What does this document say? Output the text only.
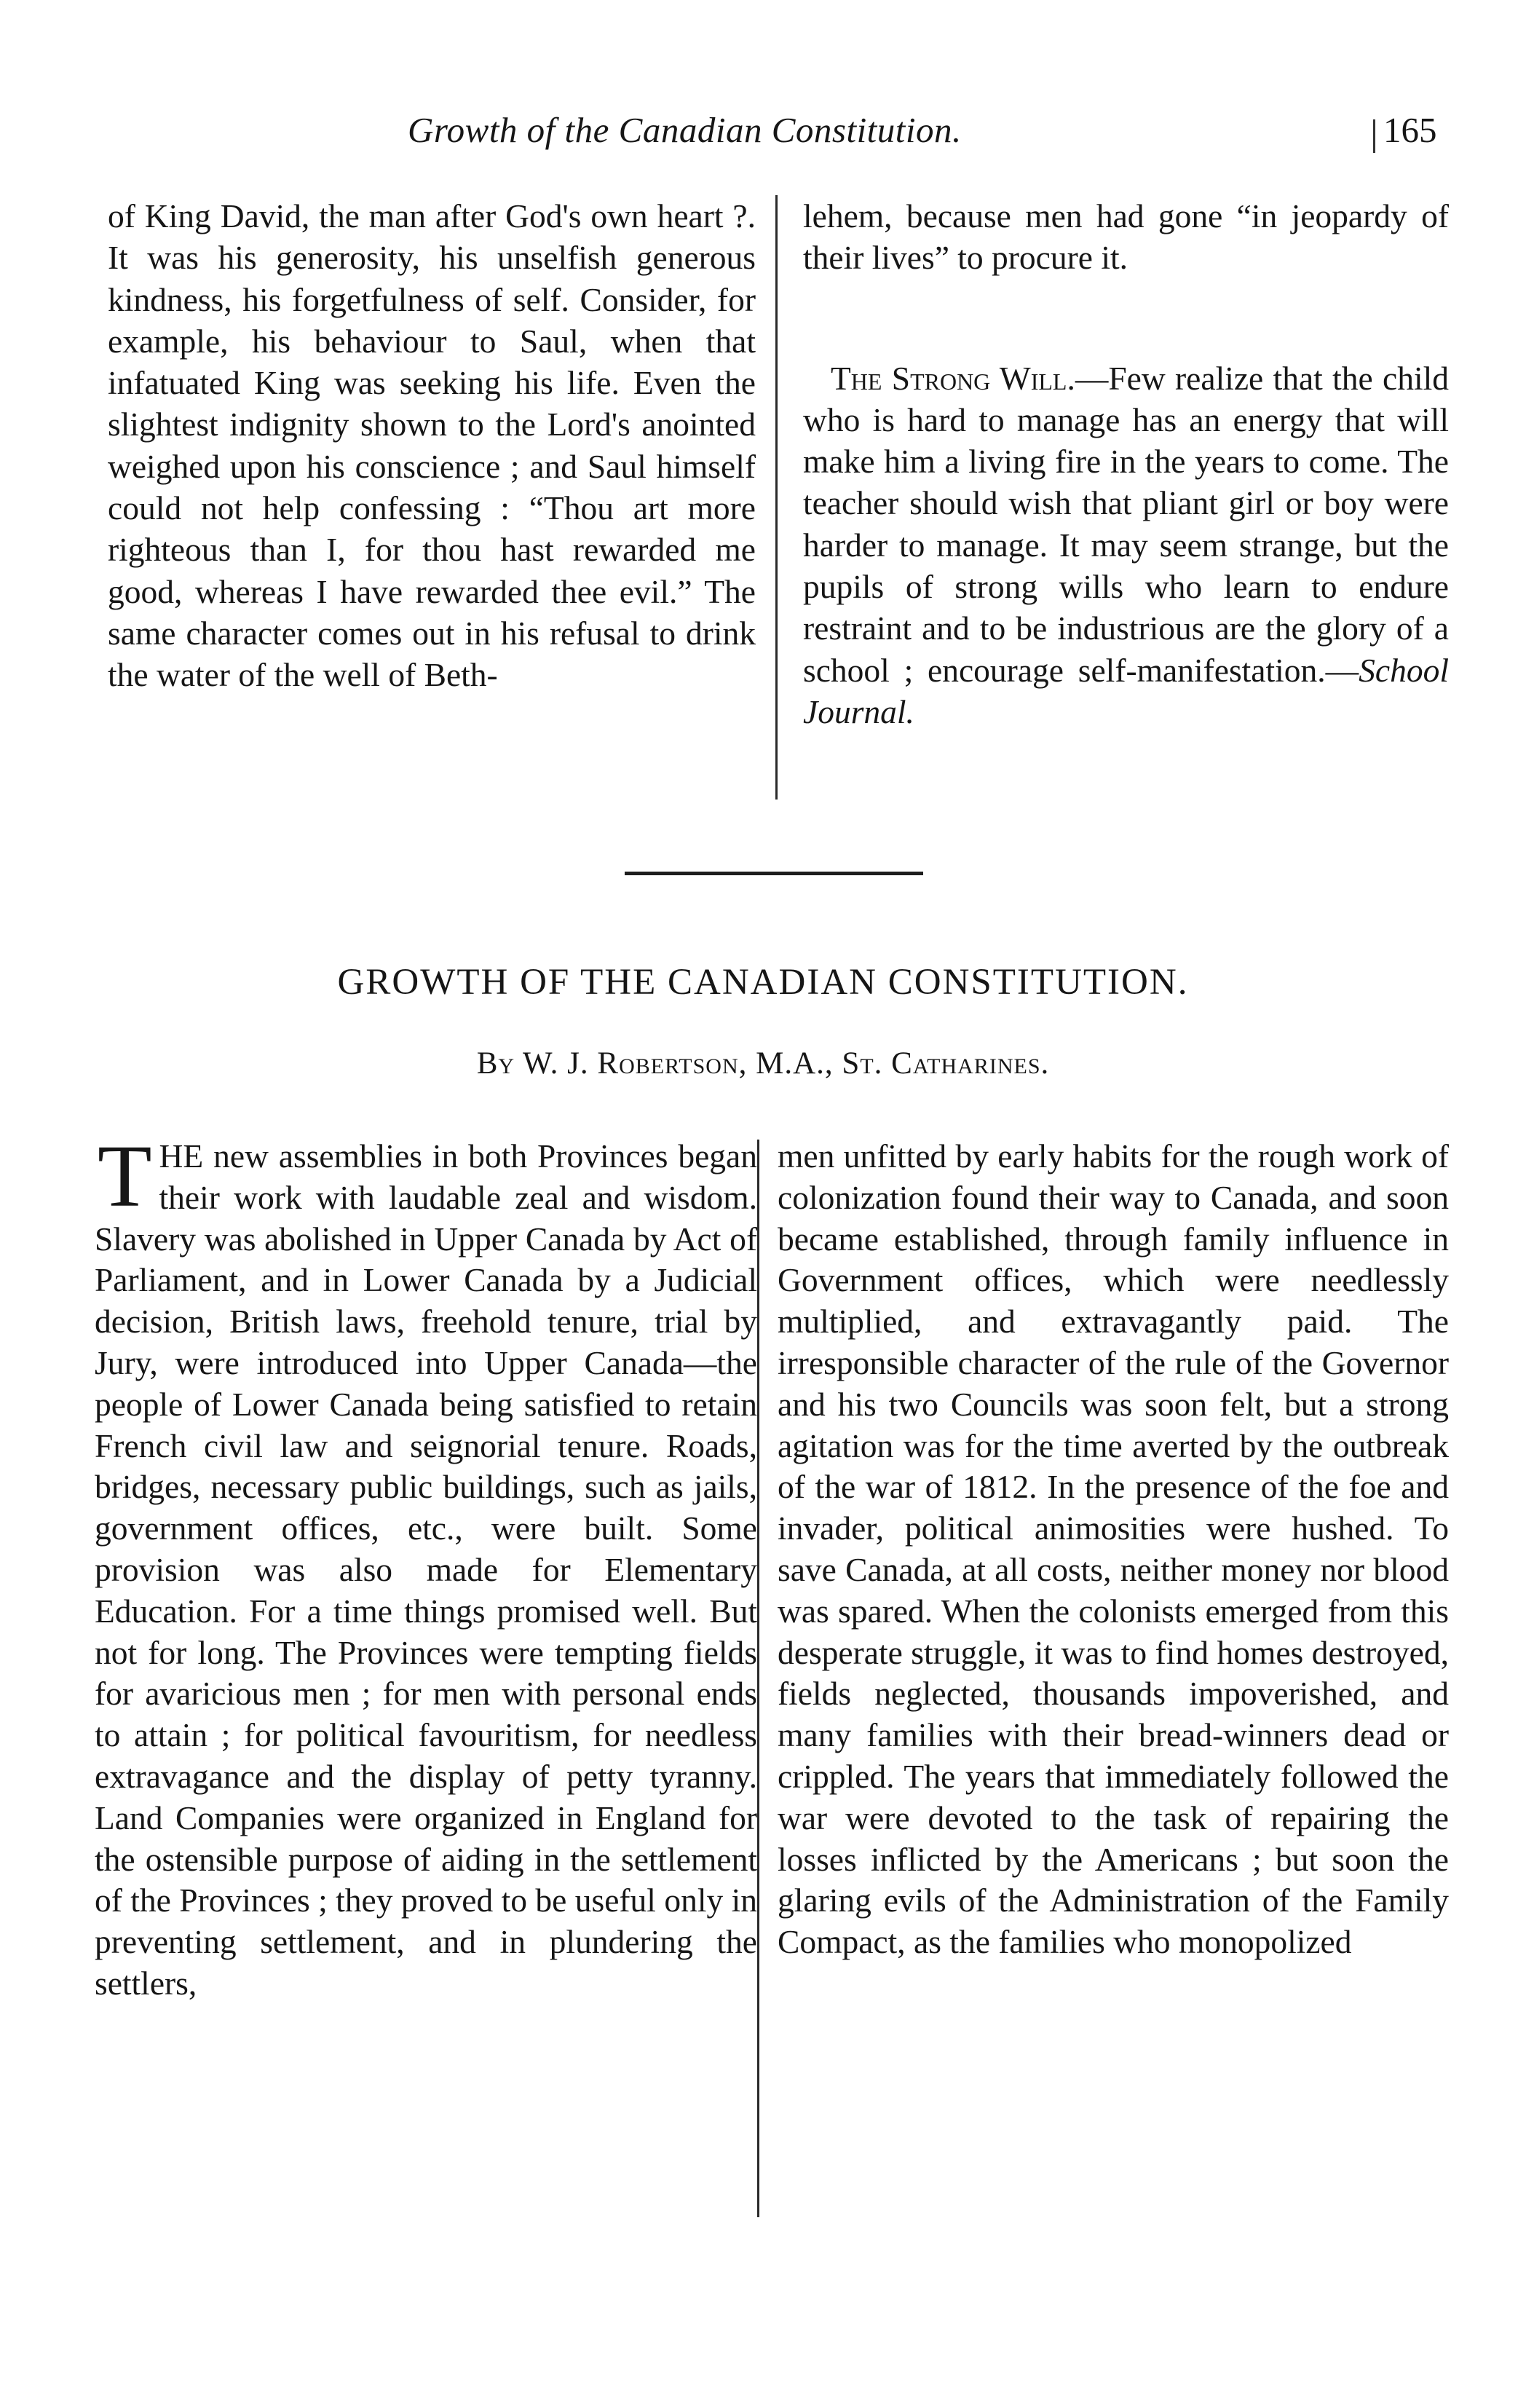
Growth of the Canadian Constitution.	165

of King David, the man after God's own heart ?. It was his generosity, his unselfish generous kindness, his forgetfulness of self. Consider, for example, his behaviour to Saul, when that infatuated King was seeking his life. Even the slightest indignity shown to the Lord's anointed weighed upon his conscience ; and Saul himself could not help confessing : “Thou art more righteous than I, for thou hast rewarded me good, whereas I have rewarded thee evil.” The same character comes out in his refusal to drink the water of the well of Beth-

lehem, because men had gone “in jeopardy of their lives” to procure it.

The Strong Will.—Few realize that the child who is hard to manage has an energy that will make him a living fire in the years to come. The teacher should wish that pliant girl or boy were harder to manage. It may seem strange, but the pupils of strong wills who learn to endure restraint and to be industrious are the glory of a school ; encourage self-manifestation.—School Journal.

GROWTH OF THE CANADIAN CONSTITUTION.
By W. J. Robertson, M.A., St. Catharines.
T HE new assemblies in both Provinces began their work with laudable zeal and wisdom. Slavery was abolished in Upper Canada by Act of Parliament, and in Lower Canada by a Judicial decision, British laws, freehold tenure, trial by Jury, were introduced into Upper Canada—the people of Lower Canada being satisfied to retain French civil law and seignorial tenure. Roads, bridges, necessary public buildings, such as jails, government offices, etc., were built. Some provision was also made for Elementary Education. For a time things promised well. But not for long. The Provinces were tempting fields for avaricious men ; for men with personal ends to attain ; for political favouritism, for needless extravagance and the display of petty tyranny. Land Companies were organized in England for the ostensible purpose of aiding in the settlement of the Provinces ; they proved to be useful only in preventing settlement, and in plundering the settlers,

men unfitted by early habits for the rough work of colonization found their way to Canada, and soon became established, through family influence in Government offices, which were needlessly multiplied, and extravagantly paid. The irresponsible character of the rule of the Governor and his two Councils was soon felt, but a strong agitation was for the time averted by the outbreak of the war of 1812. In the presence of the foe and invader, political animosities were hushed. To save Canada, at all costs, neither money nor blood was spared. When the colonists emerged from this desperate struggle, it was to find homes destroyed, fields neglected, thousands impoverished, and many families with their bread-winners dead or crippled. The years that immediately followed the war were devoted to the task of repairing the losses inflicted by the Americans ; but soon the glaring evils of the Administration of the Family Compact, as the families who monopolized
